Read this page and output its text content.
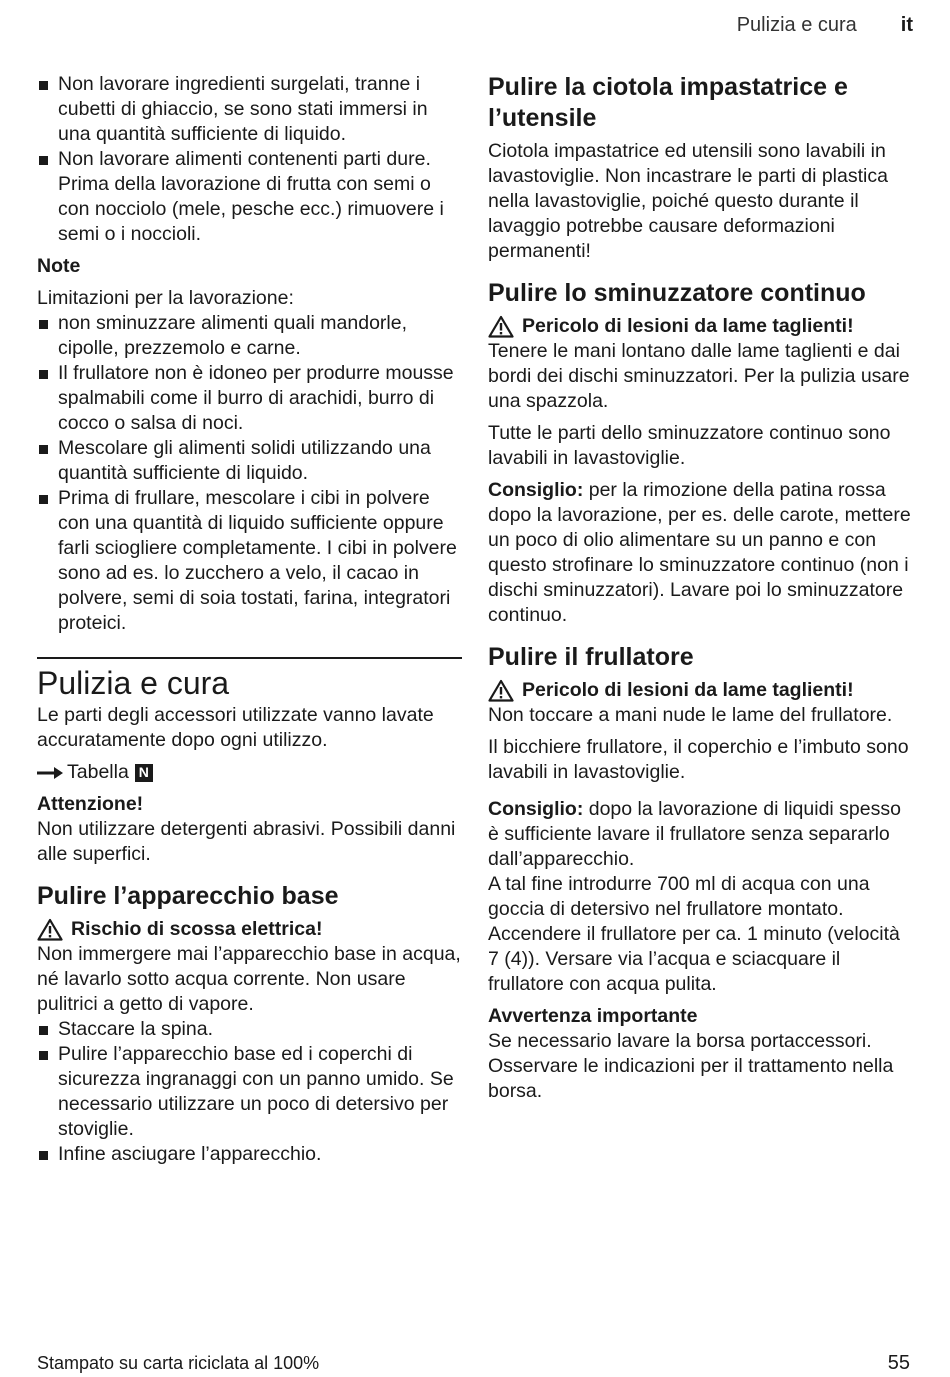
Pulizia e cura it
Non lavorare ingredienti surgelati, tranne i cubetti di ghiaccio, se sono stati immersi in una quantità sufficiente di liquido.
Non lavorare alimenti contenenti parti dure. Prima della lavorazione di frutta con semi o con nocciolo (mele, pesche ecc.) rimuovere i semi o i noccioli.

Note

Limitazioni per la lavorazione:

non sminuzzare alimenti quali mandorle, cipolle, prezzemolo e carne.
Il frullatore non è idoneo per produrre mousse spalmabili come il burro di arachidi, burro di cocco o salsa di noci.
Mescolare gli alimenti solidi utilizzando una quantità sufficiente di liquido.
Prima di frullare, mescolare i cibi in polvere con una quantità di liquido sufficiente oppure farli sciogliere completamente. I cibi in polvere sono ad es. lo zucchero a velo, il cacao in polvere, semi di soia tostati, farina, integratori proteici.
Pulizia e cura

Le parti degli accessori utilizzate vanno lavate accuratamente dopo ogni utilizzo.

Tabella N

Attenzione!

Non utilizzare detergenti abrasivi. Possibili danni alle superfici.

Pulire l’apparecchio base
Rischio di scossa elettrica!

Non immergere mai l’apparecchio base in acqua, né lavarlo sotto acqua corrente. Non usare pulitrici a getto di vapore.

Staccare la spina.
Pulire l’apparecchio base ed i coperchi di sicurezza ingranaggi con un panno umido. Se necessario utilizzare un poco di detersivo per stoviglie.
Infine asciugare l’apparecchio.
Pulire la ciotola impastatrice e l’utensile

Ciotola impastatrice ed utensili sono lavabili in lavastoviglie. Non incastrare le parti di plastica nella lavastoviglie, poiché questo durante il lavaggio potrebbe causare deformazioni permanenti!

Pulire lo sminuzzatore continuo
Pericolo di lesioni da lame taglienti!

Tenere le mani lontano dalle lame taglienti e dai bordi dei dischi sminuzzatori. Per la pulizia usare una spazzola.

Tutte le parti dello sminuzzatore continuo sono lavabili in lavastoviglie.

Consiglio: per la rimozione della patina rossa dopo la lavorazione, per es. delle carote, mettere un poco di olio alimentare su un panno e con questo strofinare lo sminuzzatore continuo (non i dischi sminuzzatori). Lavare poi lo sminuzzatore continuo.

Pulire il frullatore
Pericolo di lesioni da lame taglienti!

Non toccare a mani nude le lame del frullatore.

Il bicchiere frullatore, il coperchio e l’imbuto sono lavabili in lavastoviglie.

Consiglio: dopo la lavorazione di liquidi spesso è sufficiente lavare il frullatore senza separarlo dall’apparecchio.

A tal fine introdurre 700 ml di acqua con una goccia di detersivo nel frullatore montato. Accendere il frullatore per ca. 1 minuto (velocità 7 (4)). Versare via l’acqua e sciacquare il frullatore con acqua pulita.

Avvertenza importante

Se necessario lavare la borsa portaccessori. Osservare le indicazioni per il trattamento nella borsa.

Stampato su carta riciclata al 100%	55
